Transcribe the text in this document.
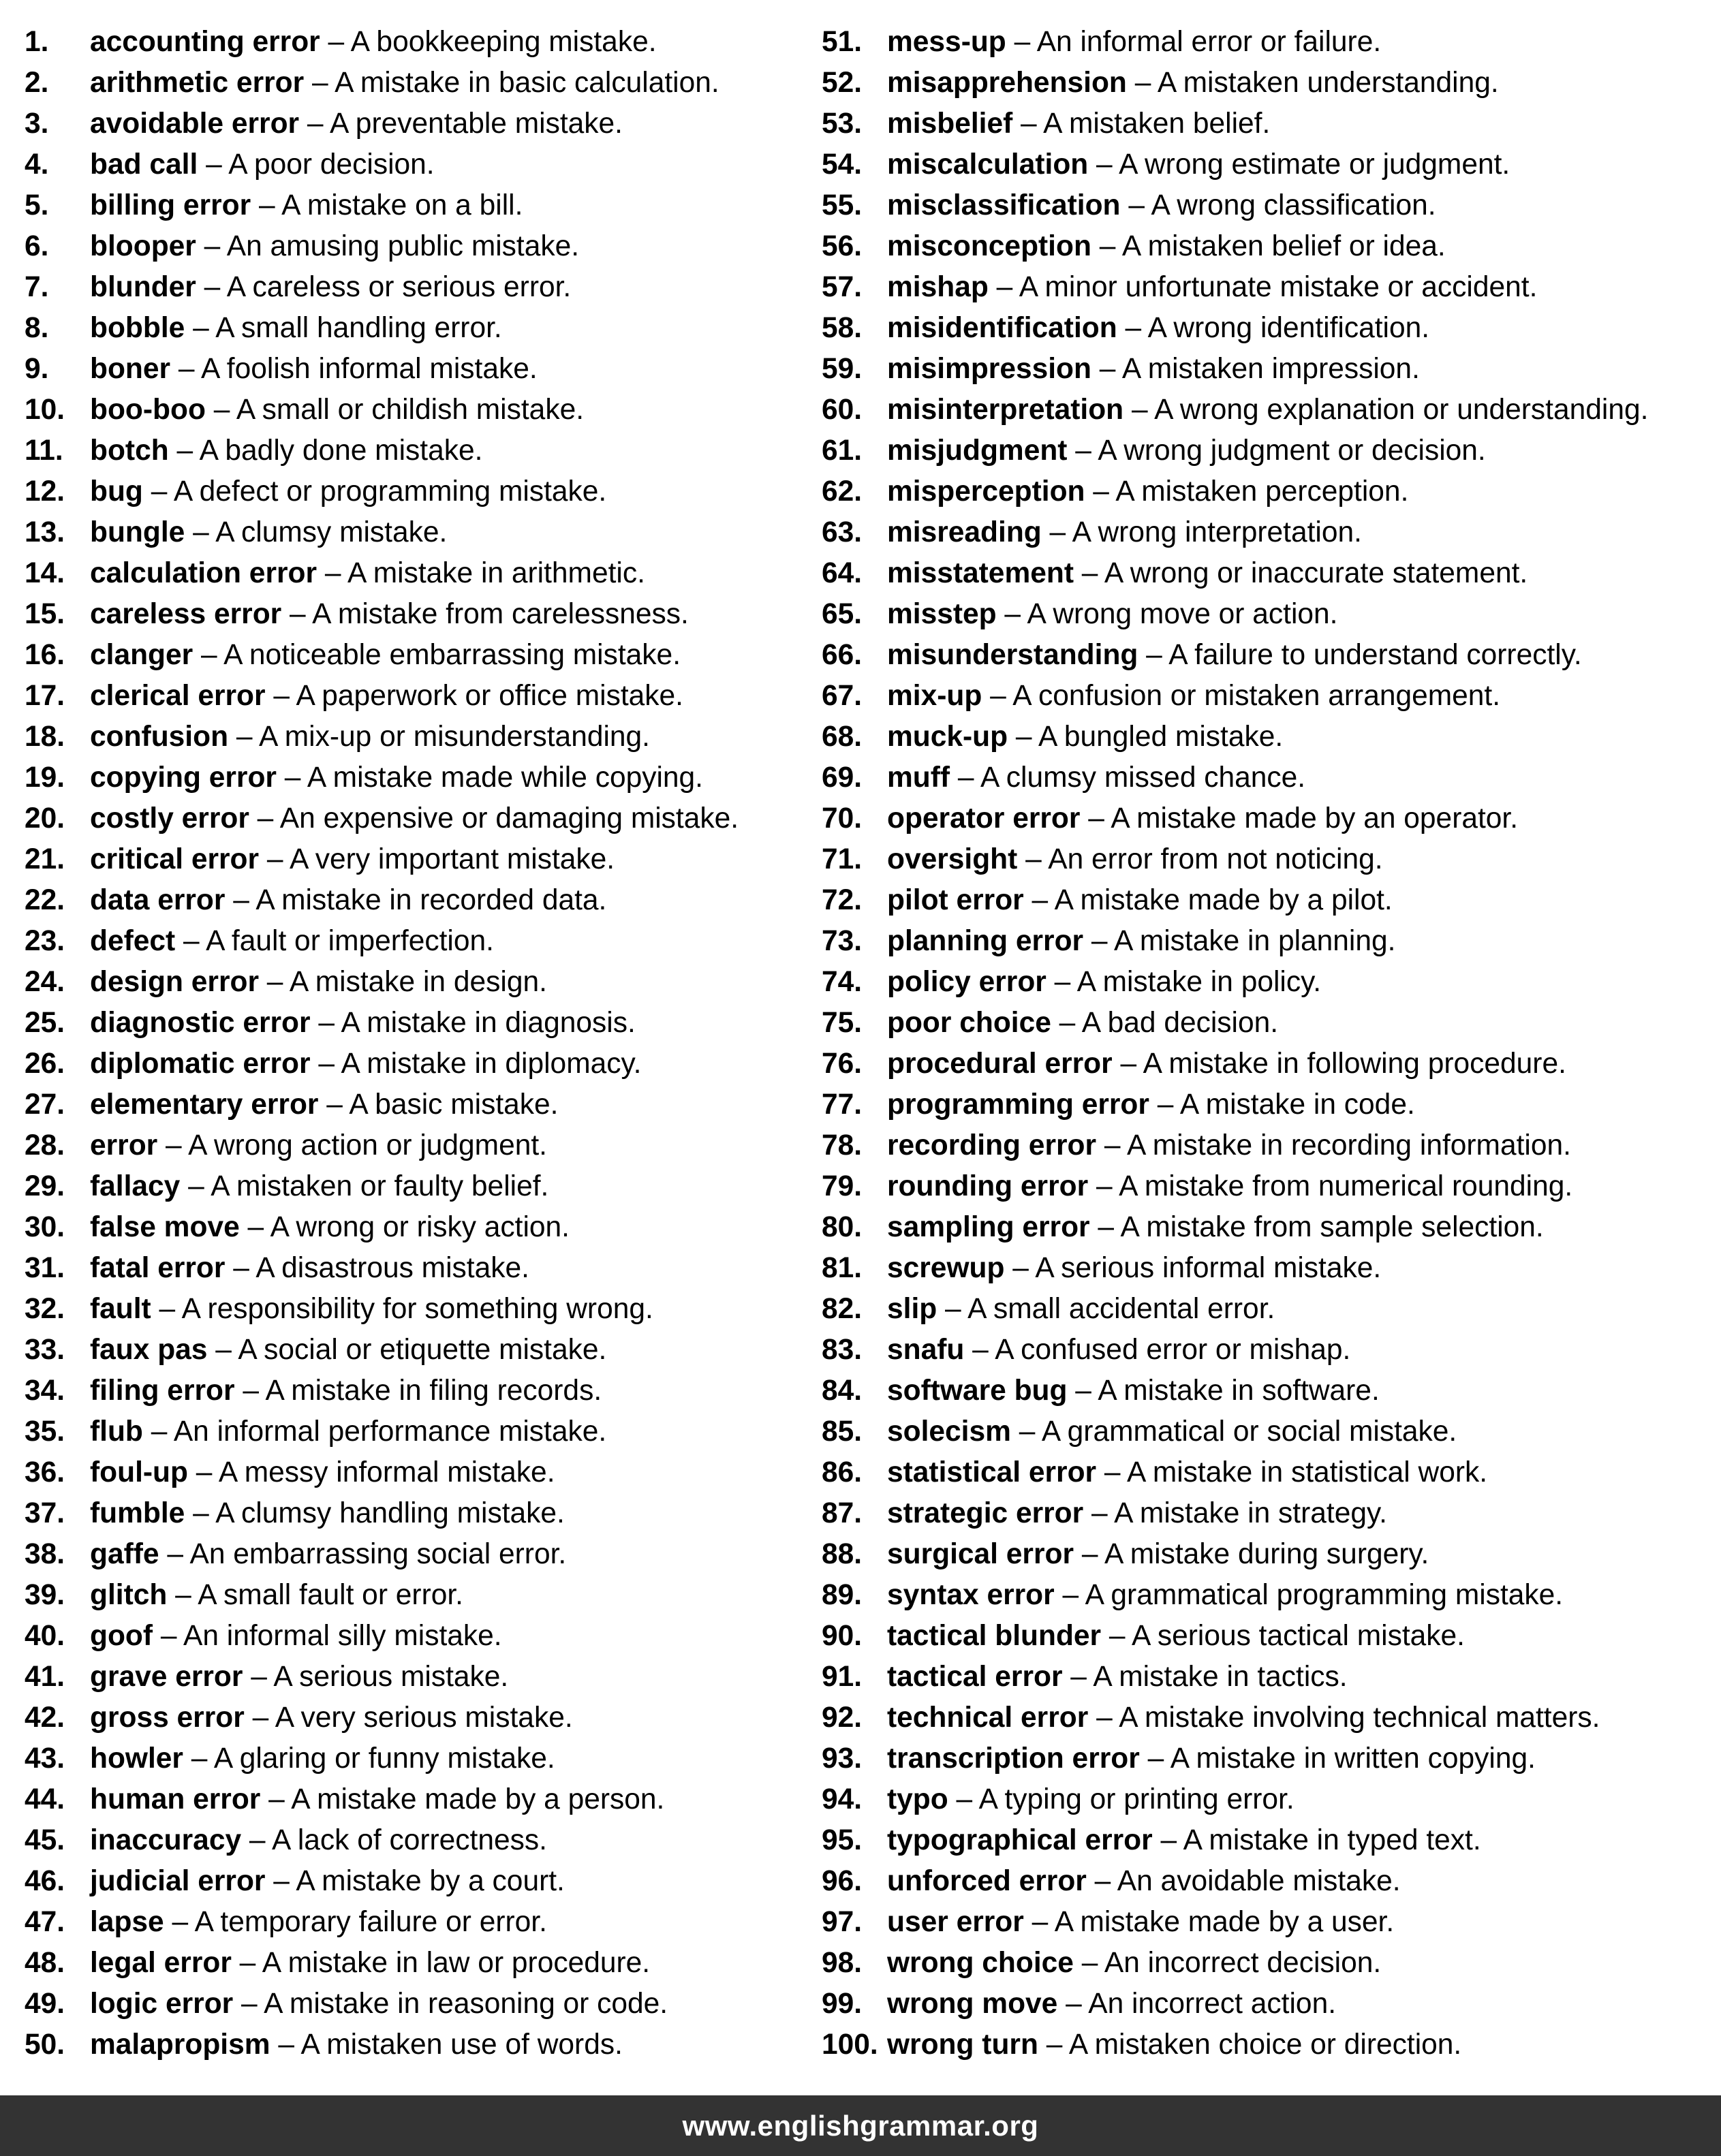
1. accounting error – A bookkeeping mistake.
2. arithmetic error – A mistake in basic calculation.
3. avoidable error – A preventable mistake.
4. bad call – A poor decision.
5. billing error – A mistake on a bill.
6. blooper – An amusing public mistake.
7. blunder – A careless or serious error.
8. bobble – A small handling error.
9. boner – A foolish informal mistake.
10. boo-boo – A small or childish mistake.
11. botch – A badly done mistake.
12. bug – A defect or programming mistake.
13. bungle – A clumsy mistake.
14. calculation error – A mistake in arithmetic.
15. careless error – A mistake from carelessness.
16. clanger – A noticeable embarrassing mistake.
17. clerical error – A paperwork or office mistake.
18. confusion – A mix-up or misunderstanding.
19. copying error – A mistake made while copying.
20. costly error – An expensive or damaging mistake.
21. critical error – A very important mistake.
22. data error – A mistake in recorded data.
23. defect – A fault or imperfection.
24. design error – A mistake in design.
25. diagnostic error – A mistake in diagnosis.
26. diplomatic error – A mistake in diplomacy.
27. elementary error – A basic mistake.
28. error – A wrong action or judgment.
29. fallacy – A mistaken or faulty belief.
30. false move – A wrong or risky action.
31. fatal error – A disastrous mistake.
32. fault – A responsibility for something wrong.
33. faux pas – A social or etiquette mistake.
34. filing error – A mistake in filing records.
35. flub – An informal performance mistake.
36. foul-up – A messy informal mistake.
37. fumble – A clumsy handling mistake.
38. gaffe – An embarrassing social error.
39. glitch – A small fault or error.
40. goof – An informal silly mistake.
41. grave error – A serious mistake.
42. gross error – A very serious mistake.
43. howler – A glaring or funny mistake.
44. human error – A mistake made by a person.
45. inaccuracy – A lack of correctness.
46. judicial error – A mistake by a court.
47. lapse – A temporary failure or error.
48. legal error – A mistake in law or procedure.
49. logic error – A mistake in reasoning or code.
50. malapropism – A mistaken use of words.
51. mess-up – An informal error or failure.
52. misapprehension – A mistaken understanding.
53. misbelief – A mistaken belief.
54. miscalculation – A wrong estimate or judgment.
55. misclassification – A wrong classification.
56. misconception – A mistaken belief or idea.
57. mishap – A minor unfortunate mistake or accident.
58. misidentification – A wrong identification.
59. misimpression – A mistaken impression.
60. misinterpretation – A wrong explanation or understanding.
61. misjudgment – A wrong judgment or decision.
62. misperception – A mistaken perception.
63. misreading – A wrong interpretation.
64. misstatement – A wrong or inaccurate statement.
65. misstep – A wrong move or action.
66. misunderstanding – A failure to understand correctly.
67. mix-up – A confusion or mistaken arrangement.
68. muck-up – A bungled mistake.
69. muff – A clumsy missed chance.
70. operator error – A mistake made by an operator.
71. oversight – An error from not noticing.
72. pilot error – A mistake made by a pilot.
73. planning error – A mistake in planning.
74. policy error – A mistake in policy.
75. poor choice – A bad decision.
76. procedural error – A mistake in following procedure.
77. programming error – A mistake in code.
78. recording error – A mistake in recording information.
79. rounding error – A mistake from numerical rounding.
80. sampling error – A mistake from sample selection.
81. screwup – A serious informal mistake.
82. slip – A small accidental error.
83. snafu – A confused error or mishap.
84. software bug – A mistake in software.
85. solecism – A grammatical or social mistake.
86. statistical error – A mistake in statistical work.
87. strategic error – A mistake in strategy.
88. surgical error – A mistake during surgery.
89. syntax error – A grammatical programming mistake.
90. tactical blunder – A serious tactical mistake.
91. tactical error – A mistake in tactics.
92. technical error – A mistake involving technical matters.
93. transcription error – A mistake in written copying.
94. typo – A typing or printing error.
95. typographical error – A mistake in typed text.
96. unforced error – An avoidable mistake.
97. user error – A mistake made by a user.
98. wrong choice – An incorrect decision.
99. wrong move – An incorrect action.
100. wrong turn – A mistaken choice or direction.
www.englishgrammar.org
